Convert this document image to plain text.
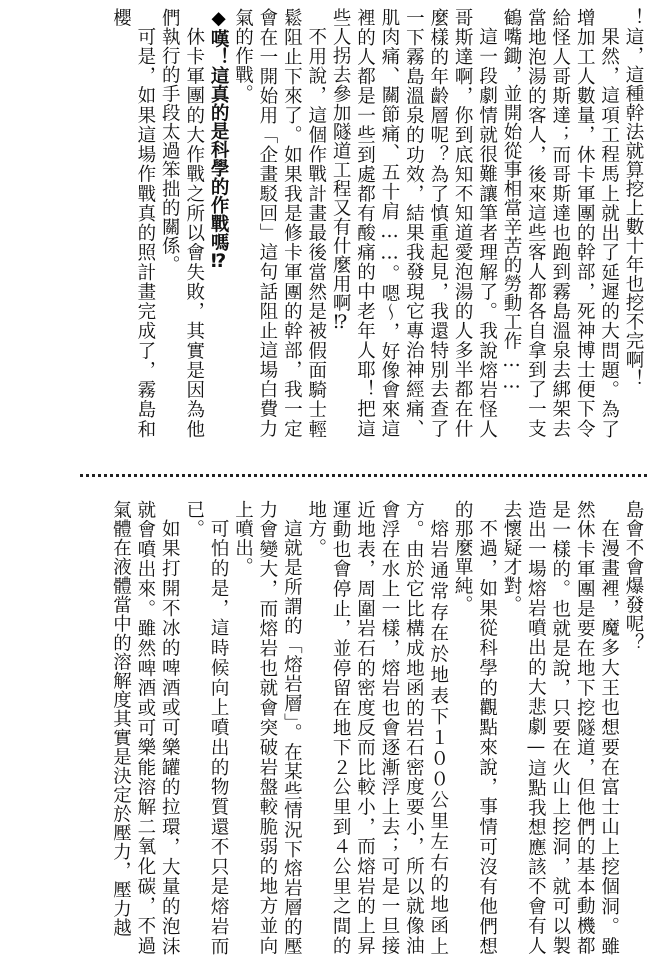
！這，這種幹法就算挖上數十年也挖不完啊！

果然，這項工程馬上就出了延遲的大問題。為了增加工人數量，休卡軍團的幹部，死神博士便下令給怪人哥斯達；而哥斯達也跑到霧島溫泉去綁架去當地泡湯的客人，後來這些客人都各自拿到了一支鶴嘴鋤，並開始從事相當辛苦的勞動工作……

這一段劇情就很難讓筆者理解了。我說熔岩怪人哥斯達啊，你到底知不知道愛泡湯的人多半都在什麼樣的年齡層呢？為了慎重起見，我還特別去查了一下霧島溫泉的功效，結果我發現它專治神經痛、肌肉痛、關節痛、五十肩……。嗯～，好像會來這裡的人都是一些到處都有酸痛的中老年人耶！把這些人拐去參加隧道工程又有什麼用啊⁉

不用說，這個作戰計畫最後當然是被假面騎士輕鬆阻止下來了。如果我是修卡軍團的幹部，我一定會在一開始用「企畫駁回」這句話阻止這場白費力氣的作戰。

◆嘆！這真的是科學的作戰嗎⁉

休卡軍團的大作戰之所以會失敗，其實是因為他們執行的手段太過笨拙的關係。

可是，如果這場作戰真的照計畫完成了，霧島和櫻

島會不會爆發呢？

在漫畫裡，魔多大王也想要在富士山上挖個洞。雖然休卡軍團是要在地下挖隧道，但他們的基本動機都是一樣的。也就是說，只要在火山上挖洞，就可以製造出一場熔岩噴出的大悲劇—這點我想應該不會有人去懷疑才對。

不過，如果從科學的觀點來說，事情可沒有他們想的那麼單純。

熔岩通常存在於地表下１００公里左右的地函上方。由於它比構成地函的岩石密度要小，所以就像油會浮在水上一樣，熔岩也會逐漸浮上去；可是一旦接近地表，周圍岩石的密度反而比較小，而熔岩的上昇運動也會停止，並停留在地下２公里到４公里之間的地方。

這就是所謂的「熔岩層」。在某些情況下熔岩層的壓力會變大，而熔岩也就會突破岩盤較脆弱的地方並向上噴出。

可怕的是，這時候向上噴出的物質還不只是熔岩而已。

如果打開不冰的啤酒或可樂罐的拉環，大量的泡沫就會噴出來。雖然啤酒或可樂能溶解二氧化碳，不過氣體在液體當中的溶解度其實是決定於壓力，壓力越
